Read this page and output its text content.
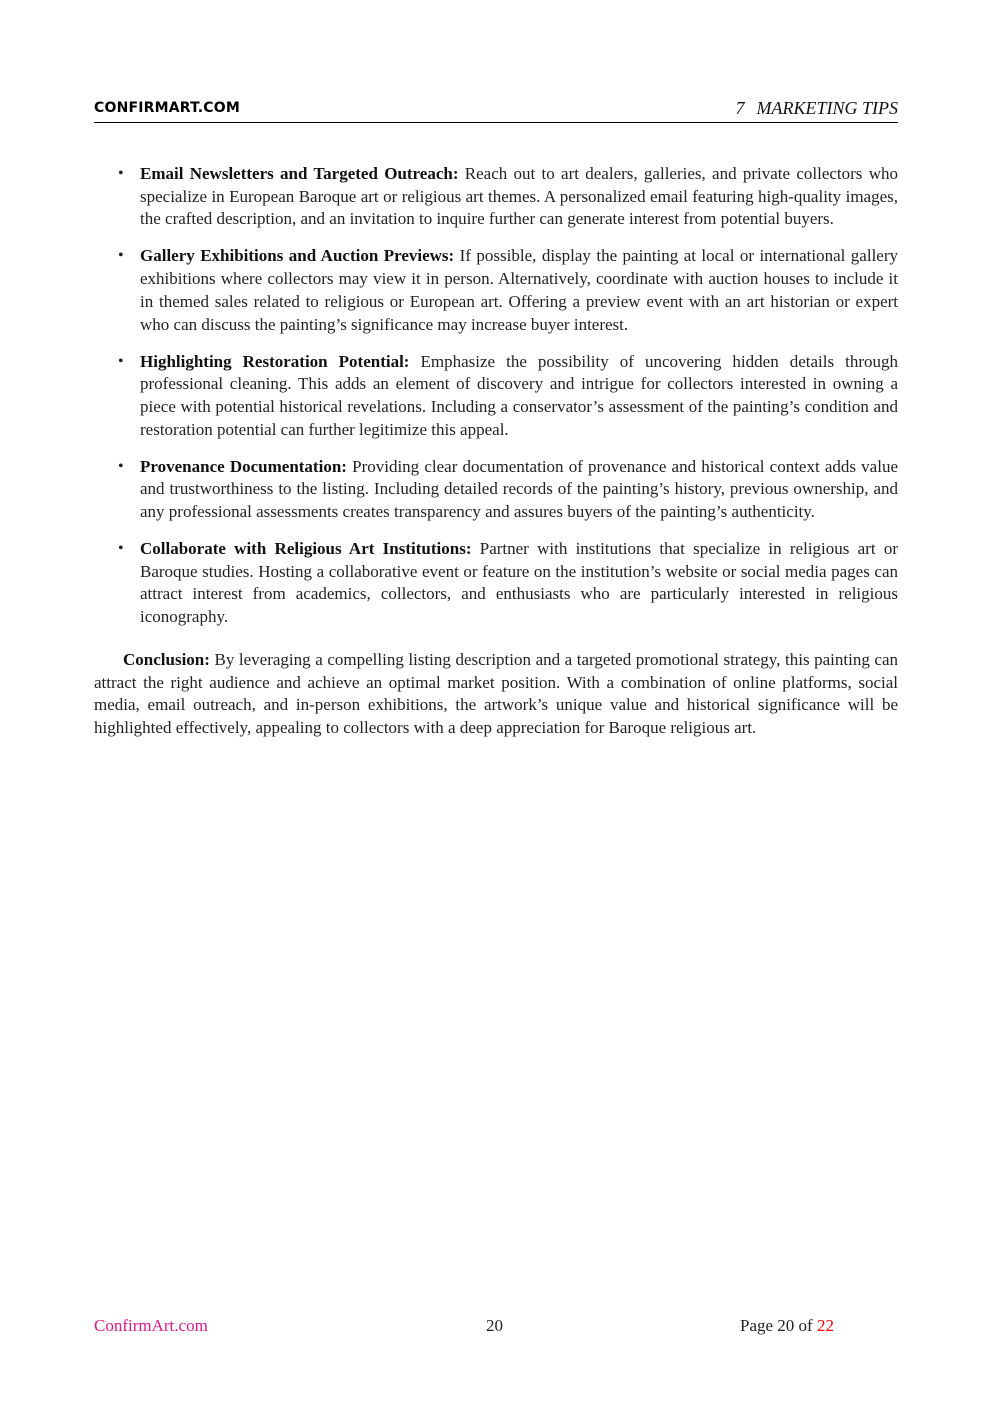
CONFIRMART.COM	7 MARKETING TIPS
• Email Newsletters and Targeted Outreach: Reach out to art dealers, galleries, and private collectors who specialize in European Baroque art or religious art themes. A personalized email featuring high-quality images, the crafted description, and an invitation to inquire further can generate interest from potential buyers.
• Gallery Exhibitions and Auction Previews: If possible, display the painting at local or international gallery exhibitions where collectors may view it in person. Alternatively, coordinate with auction houses to include it in themed sales related to religious or European art. Offering a preview event with an art historian or expert who can discuss the painting’s significance may increase buyer interest.
• Highlighting Restoration Potential: Emphasize the possibility of uncovering hidden details through professional cleaning. This adds an element of discovery and intrigue for collectors interested in owning a piece with potential historical revelations. Including a conservator’s assessment of the painting’s condition and restoration potential can further legitimize this appeal.
• Provenance Documentation: Providing clear documentation of provenance and historical context adds value and trustworthiness to the listing. Including detailed records of the painting’s history, previous ownership, and any professional assessments creates transparency and assures buyers of the painting’s authenticity.
• Collaborate with Religious Art Institutions: Partner with institutions that specialize in religious art or Baroque studies. Hosting a collaborative event or feature on the institution’s website or social media pages can attract interest from academics, collectors, and enthusiasts who are particularly interested in religious iconography.

Conclusion: By leveraging a compelling listing description and a targeted promotional strategy, this painting can attract the right audience and achieve an optimal market position. With a combination of online platforms, social media, email outreach, and in-person exhibitions, the artwork’s unique value and historical significance will be highlighted effectively, appealing to collectors with a deep appreciation for Baroque religious art.

ConfirmArt.com	20	Page 20 of 22
